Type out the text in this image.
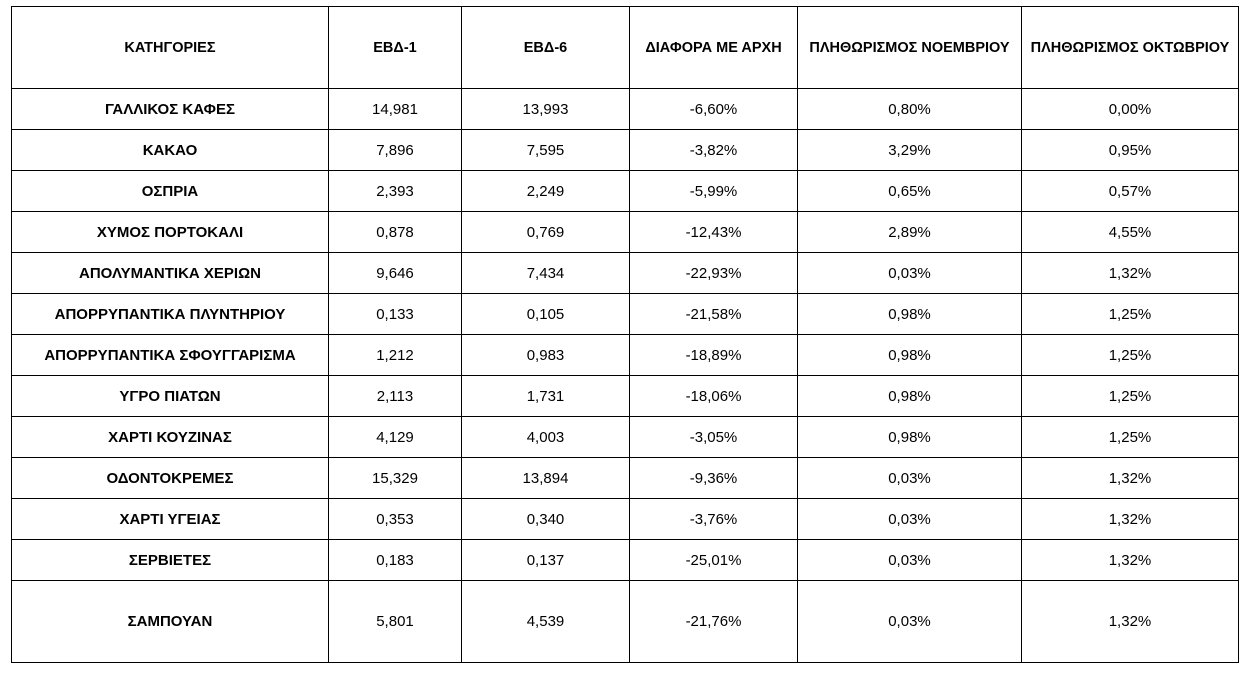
ΚΑΤΗΓΟΡΙΕΣ	ΕΒΔ-1	ΕΒΔ-6	ΔΙΑΦΟΡΑ ΜΕ ΑΡΧΗ	ΠΛΗΘΩΡΙΣΜΟΣ ΝΟΕΜΒΡΙΟΥ	ΠΛΗΘΩΡΙΣΜΟΣ ΟΚΤΩΒΡΙΟΥ
ΓΑΛΛΙΚΟΣ ΚΑΦΕΣ	14,981	13,993	-6,60%	0,80%	0,00%
ΚΑΚΑΟ	7,896	7,595	-3,82%	3,29%	0,95%
ΟΣΠΡΙΑ	2,393	2,249	-5,99%	0,65%	0,57%
ΧΥΜΟΣ ΠΟΡΤΟΚΑΛΙ	0,878	0,769	-12,43%	2,89%	4,55%
ΑΠΟΛΥΜΑΝΤΙΚΑ ΧΕΡΙΩΝ	9,646	7,434	-22,93%	0,03%	1,32%
ΑΠΟΡΡΥΠΑΝΤΙΚΑ ΠΛΥΝΤΗΡΙΟΥ	0,133	0,105	-21,58%	0,98%	1,25%
ΑΠΟΡΡΥΠΑΝΤΙΚΑ ΣΦΟΥΓΓΑΡΙΣΜΑ	1,212	0,983	-18,89%	0,98%	1,25%
ΥΓΡΟ ΠΙΑΤΩΝ	2,113	1,731	-18,06%	0,98%	1,25%
ΧΑΡΤΙ ΚΟΥΖΙΝΑΣ	4,129	4,003	-3,05%	0,98%	1,25%
ΟΔΟΝΤΟΚΡΕΜΕΣ	15,329	13,894	-9,36%	0,03%	1,32%
ΧΑΡΤΙ ΥΓΕΙΑΣ	0,353	0,340	-3,76%	0,03%	1,32%
ΣΕΡΒΙΕΤΕΣ	0,183	0,137	-25,01%	0,03%	1,32%
ΣΑΜΠΟΥΑΝ	5,801	4,539	-21,76%	0,03%	1,32%
